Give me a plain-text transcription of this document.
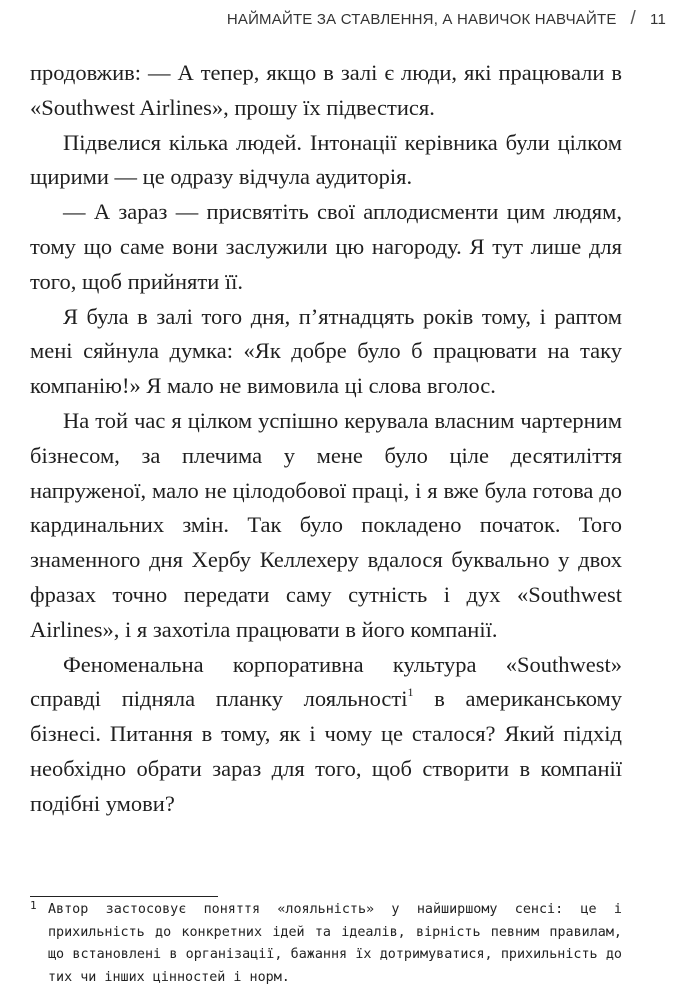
НАЙМАЙТЕ ЗА СТАВЛЕННЯ, А НАВИЧОК НАВЧАЙТЕ / 11

продовжив: — А тепер, якщо в залі є люди, які працювали в «Southwest Airlines», прошу їх підвестися.

Підвелися кілька людей. Інтонації керівника були цілком щирими — це одразу відчула аудиторія.

— А зараз — присвятіть свої аплодисменти цим людям, тому що саме вони заслужили цю нагороду. Я тут лише для того, щоб прийняти її.

Я була в залі того дня, п’ятнадцять років тому, і раптом мені сяйнула думка: «Як добре було б працювати на таку компанію!» Я мало не вимовила ці слова вголос.

На той час я цілком успішно керувала власним чартерним бізнесом, за плечима у мене було ціле десятиліття напруженої, мало не цілодобової праці, і я вже була готова до кардинальних змін. Так було покладено початок. Того знаменного дня Хербу Келлехеру вдалося буквально у двох фразах точно передати саму сутність і дух «Southwest Airlines», і я захотіла працювати в його компанії.

Феноменальна корпоративна культура «Southwest» справді підняла планку лояльності$^1$ в американському бізнесі. Питання в тому, як і чому це сталося? Який підхід необхідно обрати зараз для того, щоб створити в компанії подібні умови?

1 Автор застосовує поняття «лояльність» у найширшому сенсі: це і прихильність до конкретних ідей та ідеалів, вірність певним правилам, що встановлені в організації, бажання їх дотримуватися, прихильність до тих чи інших цінностей і норм.
